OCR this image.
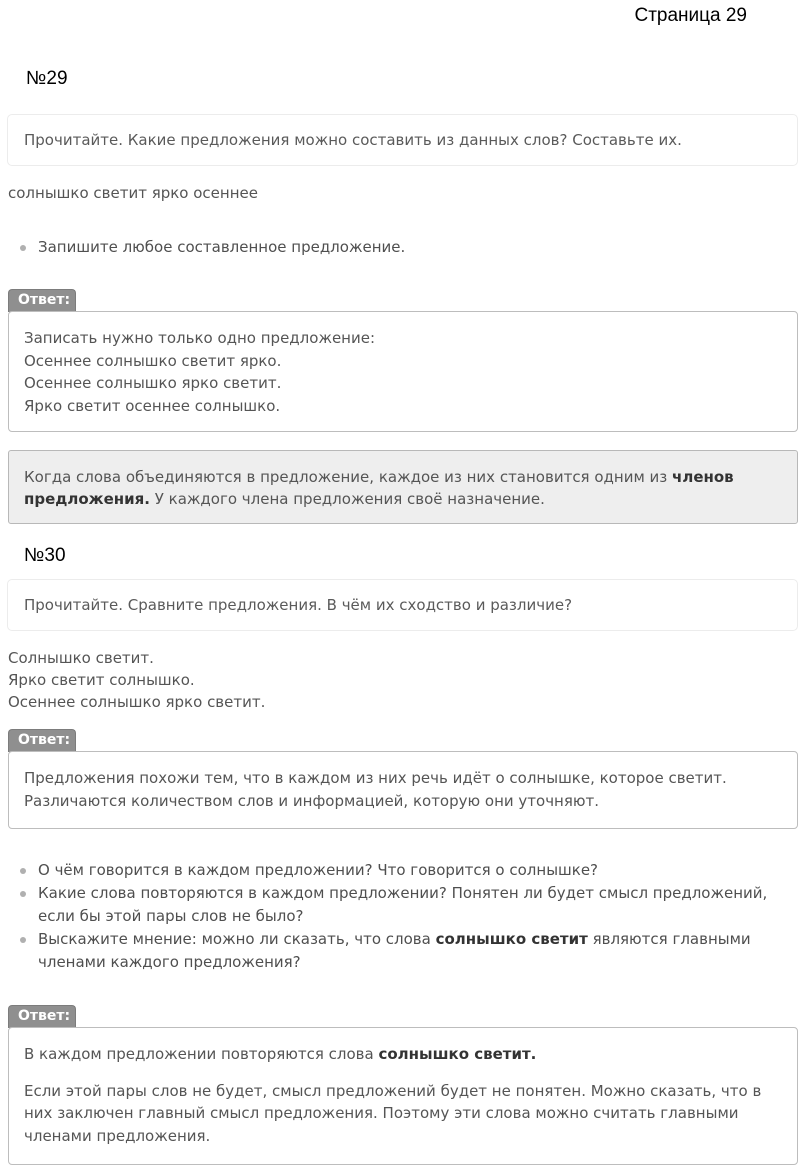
Страница 29
№29
Прочитайте. Какие предложения можно составить из данных слов? Составьте их.
солнышко светит ярко осеннее
Запишите любое составленное предложение.
Ответ:

Записать нужно только одно предложение:

Осеннее солнышко светит ярко.

Осеннее солнышко ярко светит.

Ярко светит осеннее солнышко.

Когда слова объединяются в предложение, каждое из них становится одним из членов предложения. У каждого члена предложения своё назначение.
№30
Прочитайте. Сравните предложения. В чём их сходство и различие?
Солнышко светит.
Ярко светит солнышко.
Осеннее солнышко ярко светит.
Ответ:

Предложения похожи тем, что в каждом из них речь идёт о солнышке, которое светит. Различаются количеством слов и информацией, которую они уточняют.

О чём говорится в каждом предложении? Что говорится о солнышке?
Какие слова повторяются в каждом предложении? Понятен ли будет смысл предложений, если бы этой пары слов не было?
Выскажите мнение: можно ли сказать, что слова солнышко светит являются главными членами каждого предложения?
Ответ:

В каждом предложении повторяются слова солнышко светит.

Если этой пары слов не будет, смысл предложений будет не понятен. Можно сказать, что в них заключен главный смысл предложения. Поэтому эти слова можно считать главными членами предложения.
